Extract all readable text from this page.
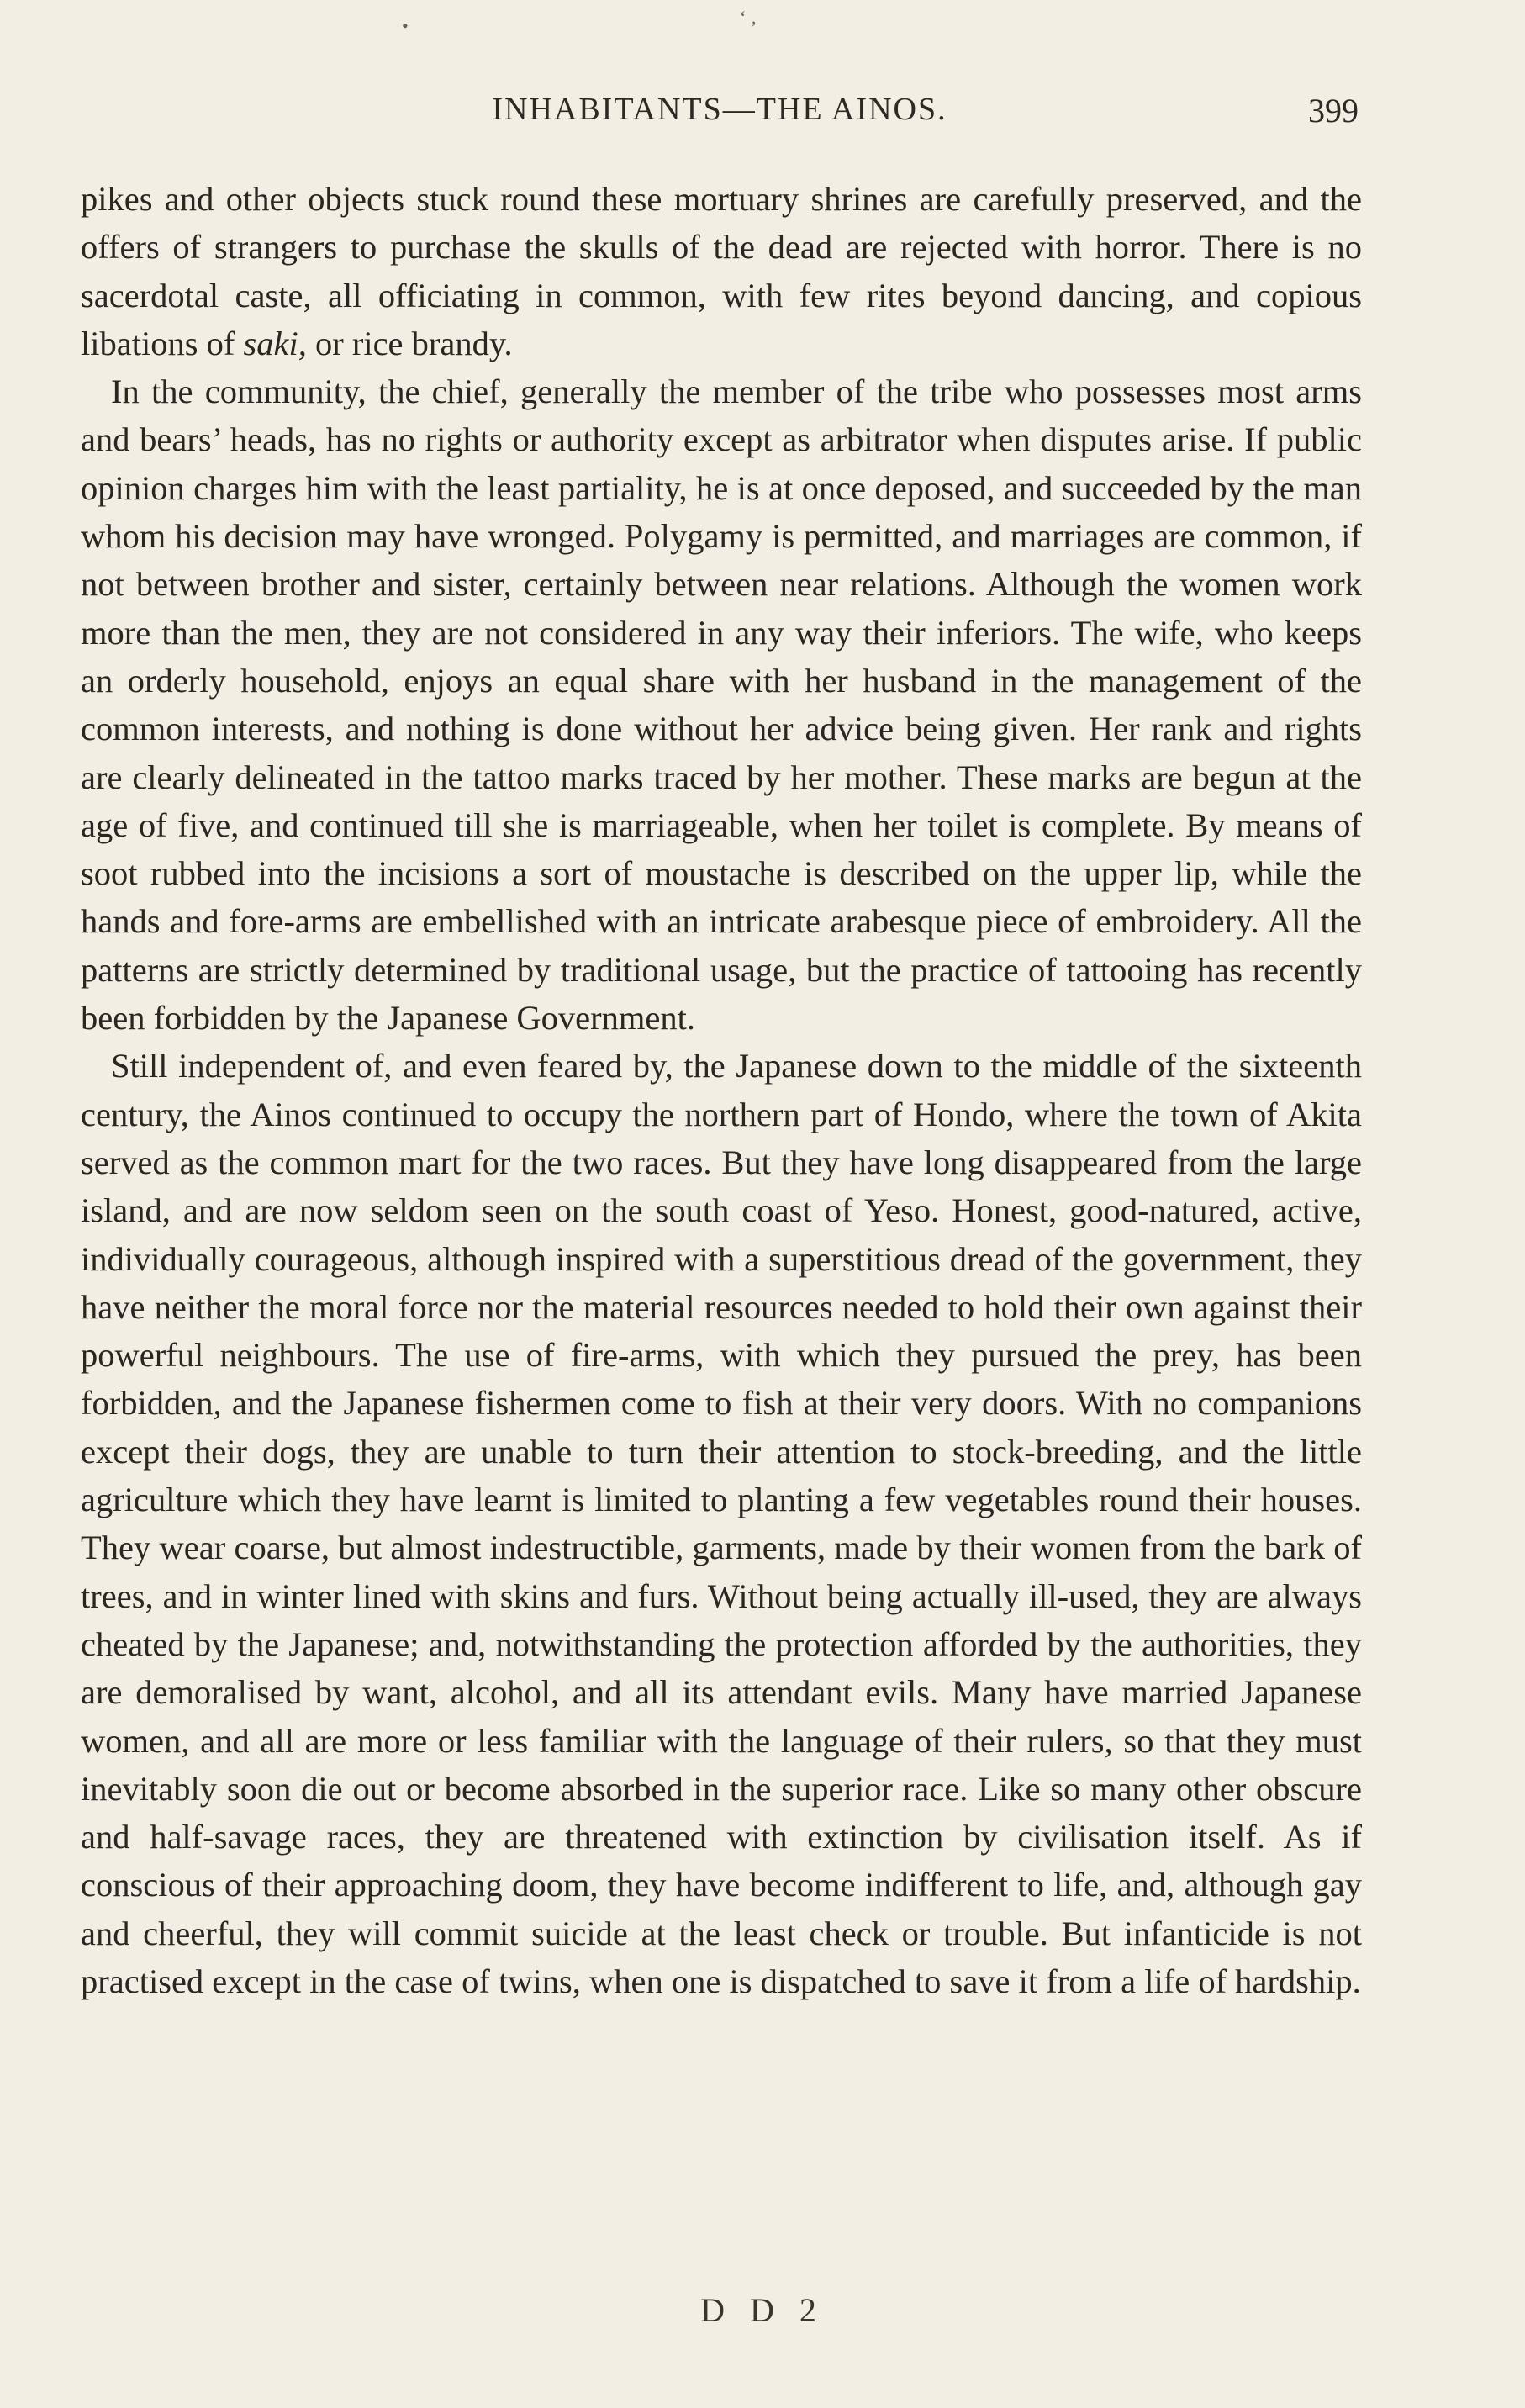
•	‘ ‚
INHABITANTS—THE AINOS.	399

pikes and other objects stuck round these mortuary shrines are carefully preserved, and the offers of strangers to purchase the skulls of the dead are rejected with horror. There is no sacerdotal caste, all officiating in common, with few rites beyond dancing, and copious libations of saki, or rice brandy.

In the community, the chief, generally the member of the tribe who possesses most arms and bears’ heads, has no rights or authority except as arbitrator when disputes arise. If public opinion charges him with the least partiality, he is at once deposed, and succeeded by the man whom his decision may have wronged. Polygamy is permitted, and marriages are common, if not between brother and sister, certainly between near relations. Although the women work more than the men, they are not considered in any way their inferiors. The wife, who keeps an orderly household, enjoys an equal share with her husband in the management of the common interests, and nothing is done without her advice being given. Her rank and rights are clearly delineated in the tattoo marks traced by her mother. These marks are begun at the age of five, and continued till she is marriageable, when her toilet is complete. By means of soot rubbed into the incisions a sort of moustache is described on the upper lip, while the hands and fore-arms are embellished with an intricate arabesque piece of embroidery. All the patterns are strictly determined by traditional usage, but the practice of tattooing has recently been forbidden by the Japanese Government.

Still independent of, and even feared by, the Japanese down to the middle of the sixteenth century, the Ainos continued to occupy the northern part of Hondo, where the town of Akita served as the common mart for the two races. But they have long disappeared from the large island, and are now seldom seen on the south coast of Yeso. Honest, good-natured, active, individually courageous, although inspired with a superstitious dread of the government, they have neither the moral force nor the material resources needed to hold their own against their powerful neighbours. The use of fire-arms, with which they pursued the prey, has been forbidden, and the Japanese fishermen come to fish at their very doors. With no companions except their dogs, they are unable to turn their attention to stock-breeding, and the little agriculture which they have learnt is limited to planting a few vegetables round their houses. They wear coarse, but almost indestructible, garments, made by their women from the bark of trees, and in winter lined with skins and furs. Without being actually ill-used, they are always cheated by the Japanese; and, notwithstanding the protection afforded by the authorities, they are demoralised by want, alcohol, and all its attendant evils. Many have married Japanese women, and all are more or less familiar with the language of their rulers, so that they must inevitably soon die out or become absorbed in the superior race. Like so many other obscure and half-savage races, they are threatened with extinction by civilisation itself. As if conscious of their approaching doom, they have become indifferent to life, and, although gay and cheerful, they will commit suicide at the least check or trouble. But infanticide is not practised except in the case of twins, when one is dispatched to save it from a life of hardship.

D D 2
